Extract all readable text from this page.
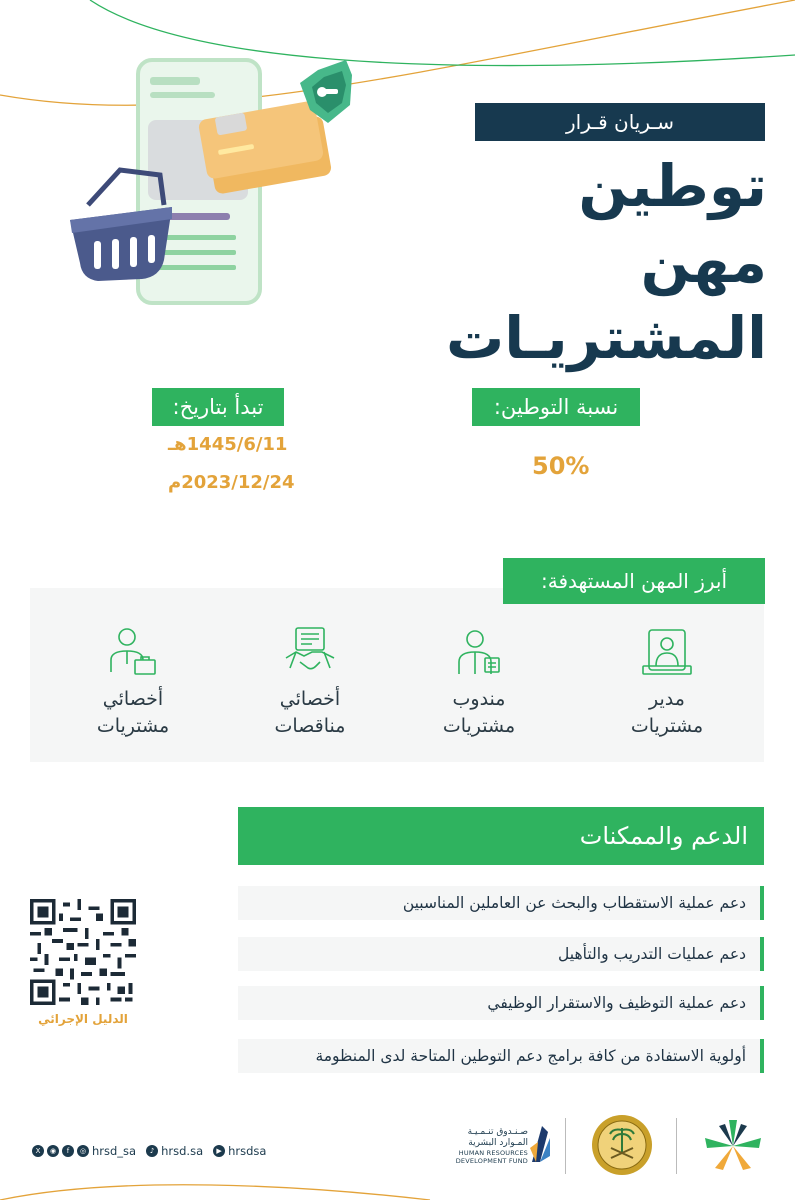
سـريان قـرار
توطين مهن المشتريـات
نسبة التوطين:
50%
تبدأ بتاريخ:
1445/6/11هـ
2023/12/24م
أبرز المهن المستهدفة:
مدير
مشتريات
مندوب
مشتريات
أخصائي
مناقصات
أخصائي
مشتريات
الدعم والممكنات
دعم عملية الاستقطاب والبحث عن العاملين المناسبين
دعم عمليات التدريب والتأهيل
دعم عملية التوظيف والاستقرار الوظيفي
أولوية الاستفادة من كافة برامج دعم التوطين المتاحة لدى المنظومة
الدليل الإجرائي
X	◉	f	◎ hrsd_sa	♪ hrsd.sa	▶ hrsdsa
صـنـدوق تنـمـيـة
المـوارد البشرية
HUMAN RESOURCES
DEVELOPMENT FUND
